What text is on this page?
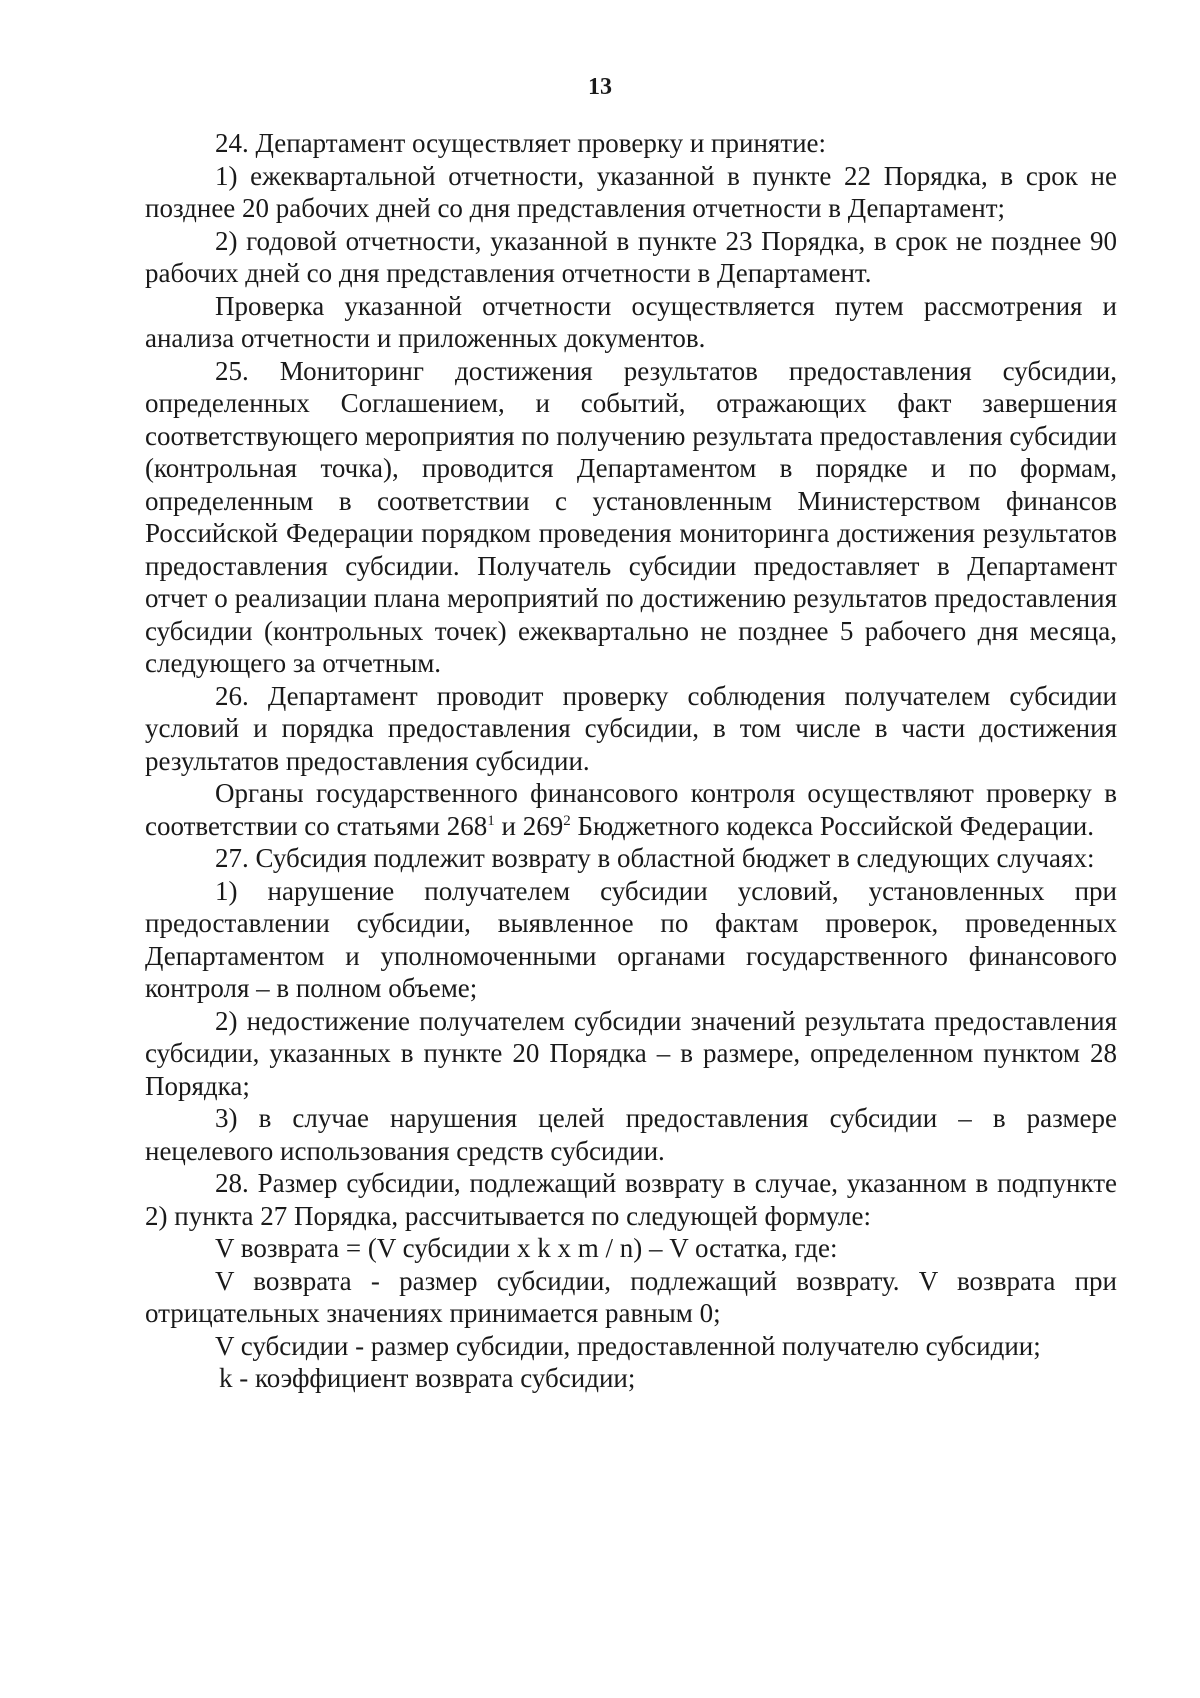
13

24. Департамент осуществляет проверку и принятие:

1) ежеквартальной отчетности, указанной в пункте 22 Порядка, в срок не позднее 20 рабочих дней со дня представления отчетности в Департамент;

2) годовой отчетности, указанной в пункте 23 Порядка, в срок не позднее 90 рабочих дней со дня представления отчетности в Департамент.

Проверка указанной отчетности осуществляется путем рассмотрения и анализа отчетности и приложенных документов.

25. Мониторинг достижения результатов предоставления субсидии, определенных Соглашением, и событий, отражающих факт завершения соответствующего мероприятия по получению результата предоставления субсидии (контрольная точка), проводится Департаментом в порядке и по формам, определенным в соответствии с установленным Министерством финансов Российской Федерации порядком проведения мониторинга достижения результатов предоставления субсидии. Получатель субсидии предоставляет в Департамент отчет о реализации плана мероприятий по достижению результатов предоставления субсидии (контрольных точек) ежеквартально не позднее 5 рабочего дня месяца, следующего за отчетным.

26. Департамент проводит проверку соблюдения получателем субсидии условий и порядка предоставления субсидии, в том числе в части достижения результатов предоставления субсидии.

Органы государственного финансового контроля осуществляют проверку в соответствии со статьями $268^1$ и $269^2$ Бюджетного кодекса Российской Федерации.

27. Субсидия подлежит возврату в областной бюджет в следующих случаях:

1) нарушение получателем субсидии условий, установленных при предоставлении субсидии, выявленное по фактам проверок, проведенных Департаментом и уполномоченными органами государственного финансового контроля – в полном объеме;

2) недостижение получателем субсидии значений результата предоставления субсидии, указанных в пункте 20 Порядка – в размере, определенном пунктом 28 Порядка;

3) в случае нарушения целей предоставления субсидии – в размере нецелевого использования средств субсидии.

28. Размер субсидии, подлежащий возврату в случае, указанном в подпункте 2) пункта 27 Порядка, рассчитывается по следующей формуле:

V возврата = (V субсидии x k x m / n) – V остатка, где:

V возврата - размер субсидии, подлежащий возврату. V возврата при отрицательных значениях принимается равным 0;

V субсидии - размер субсидии, предоставленной получателю субсидии;

k - коэффициент возврата субсидии;
